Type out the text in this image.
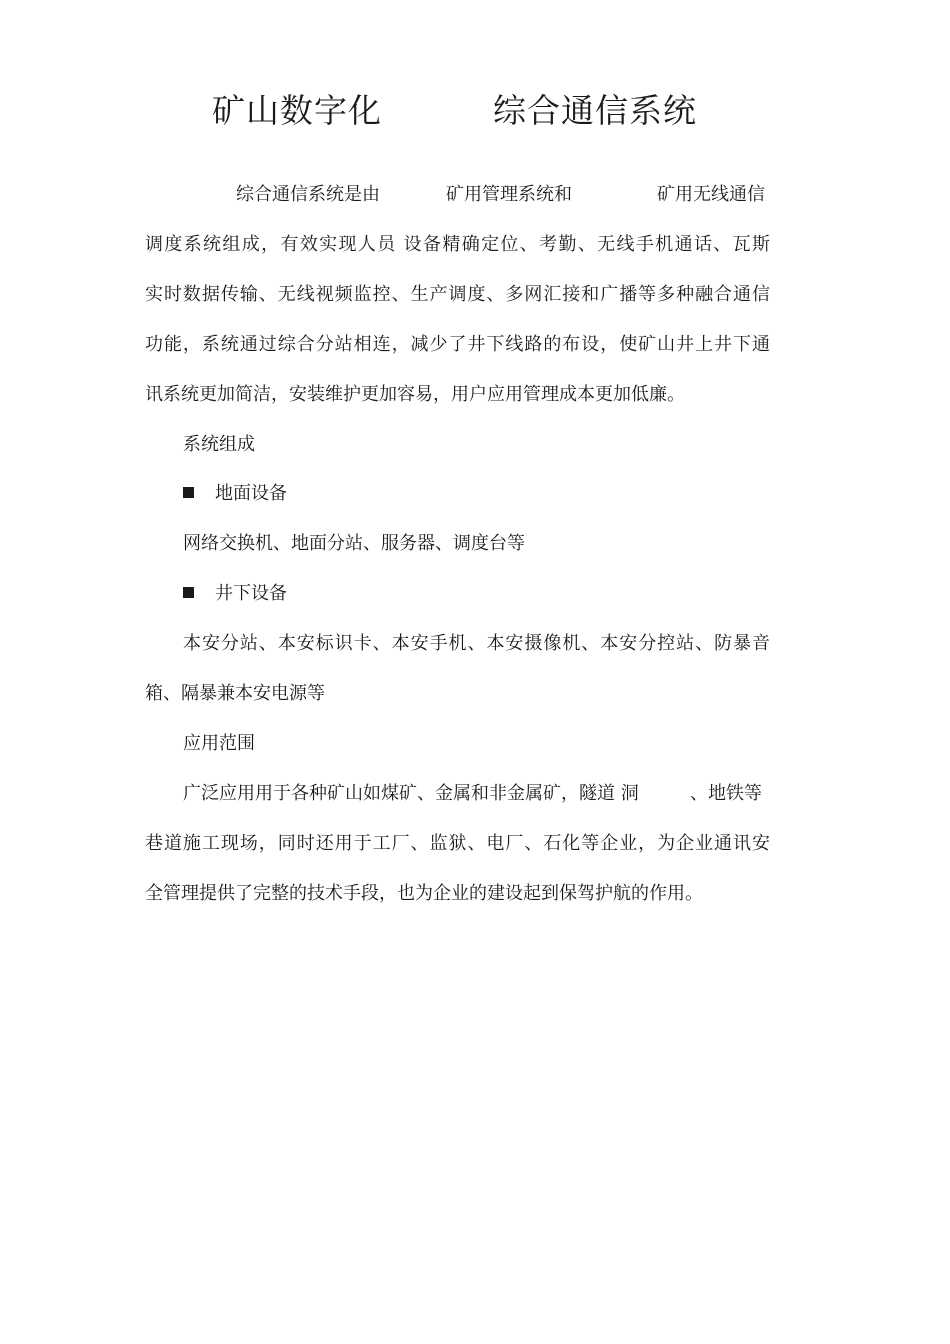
矿山数字化	综合通信系统
综合通信系统是由	矿用管理系统和	矿用无线通信
调度系统组成，有效实现人员 设备精确定位、考勤、无线手机通话、瓦斯
实时数据传输、无线视频监控、生产调度、多网汇接和广播等多种融合通信
功能，系统通过综合分站相连，减少了井下线路的布设，使矿山井上井下通
讯系统更加简洁，安装维护更加容易，用户应用管理成本更加低廉。
系统组成
地面设备
网络交换机、地面分站、服务器、调度台等
井下设备
本安分站、本安标识卡、本安手机、本安摄像机、本安分控站、防暴音
箱、隔暴兼本安电源等
应用范围
广泛应用用于各种矿山如煤矿、金属和非金属矿，隧道 洞	、地铁等
巷道施工现场，同时还用于工厂、监狱、电厂、石化等企业，为企业通讯安
全管理提供了完整的技术手段，也为企业的建设起到保驾护航的作用。
